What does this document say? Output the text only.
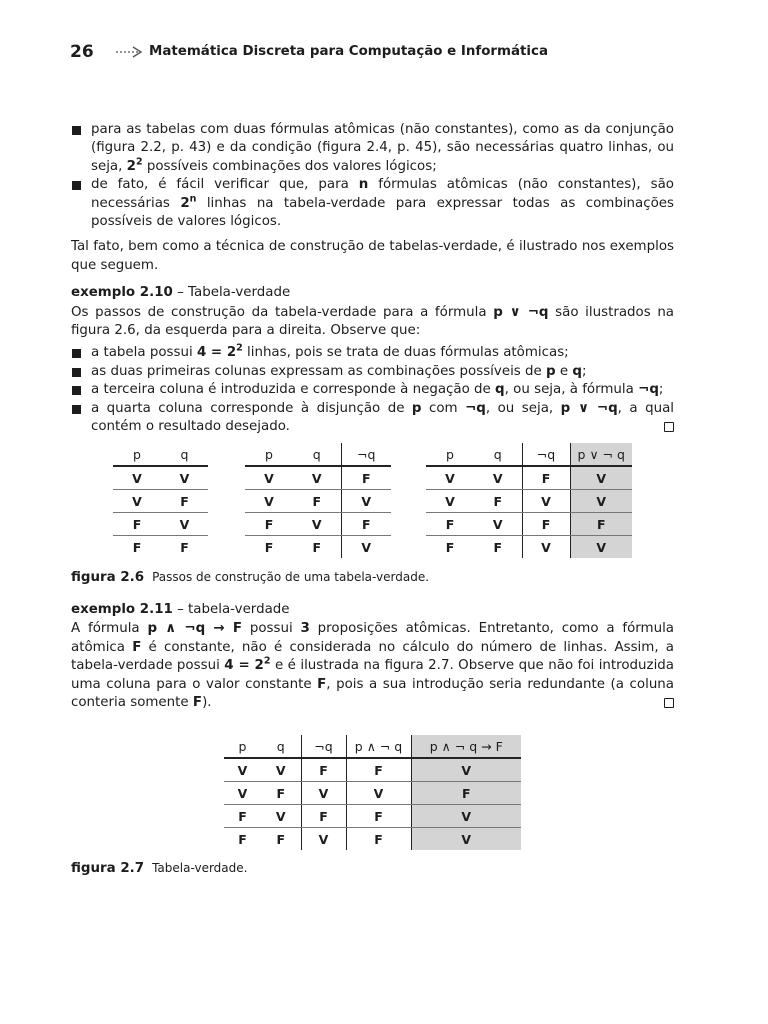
26	Matemática Discreta para Computação e Informática
para as tabelas com duas fórmulas atômicas (não constantes), como as da conjunção (figura 2.2, p. 43) e da condição (figura 2.4, p. 45), são necessárias quatro linhas, ou seja, $2^2$ possíveis combinações dos valores lógicos;
de fato, é fácil verificar que, para n fórmulas atômicas (não constantes), são necessárias 2$^n$ linhas na tabela-verdade para expressar todas as combinações possíveis de valores lógicos.

Tal fato, bem como a técnica de construção de tabelas-verdade, é ilustrado nos exemplos que seguem.

exemplo 2.10 – Tabela-verdade

Os passos de construção da tabela-verdade para a fórmula p ∨ ¬q são ilustrados na figura 2.6, da esquerda para a direita. Observe que:

a tabela possui $4 = 2^2$ linhas, pois se trata de duas fórmulas atômicas;
as duas primeiras colunas expressam as combinações possíveis de p e q;
a terceira coluna é introduzida e corresponde à negação de q, ou seja, à fórmula ¬q;
a quarta coluna corresponde à disjunção de p com ¬q, ou seja, p ∨ ¬q, a qual contém o resultado desejado.
p	q
V	V
V	F
F	V
F	F
p	q	¬q
V	V	F
V	F	V
F	V	F
F	F	V
p	q	¬q	p ∨ ¬ q
V	V	F	V
V	F	V	V
F	V	F	F
F	F	V	V
figura 2.6 Passos de construção de uma tabela-verdade.

exemplo 2.11 – tabela-verdade

A fórmula p ∧ ¬q → F possui 3 proposições atômicas. Entretanto, como a fórmula atômica F é constante, não é considerada no cálculo do número de linhas. Assim, a tabela-verdade possui $4 = 2^2$ e é ilustrada na figura 2.7. Observe que não foi introduzida uma coluna para o valor constante F, pois a sua introdução seria redundante (a coluna conteria somente F).

p	q	¬q	p ∧ ¬ q	p ∧ ¬ q → F
V	V	F	F	V
V	F	V	V	F
F	V	F	F	V
F	F	V	F	V
figura 2.7 Tabela-verdade.
